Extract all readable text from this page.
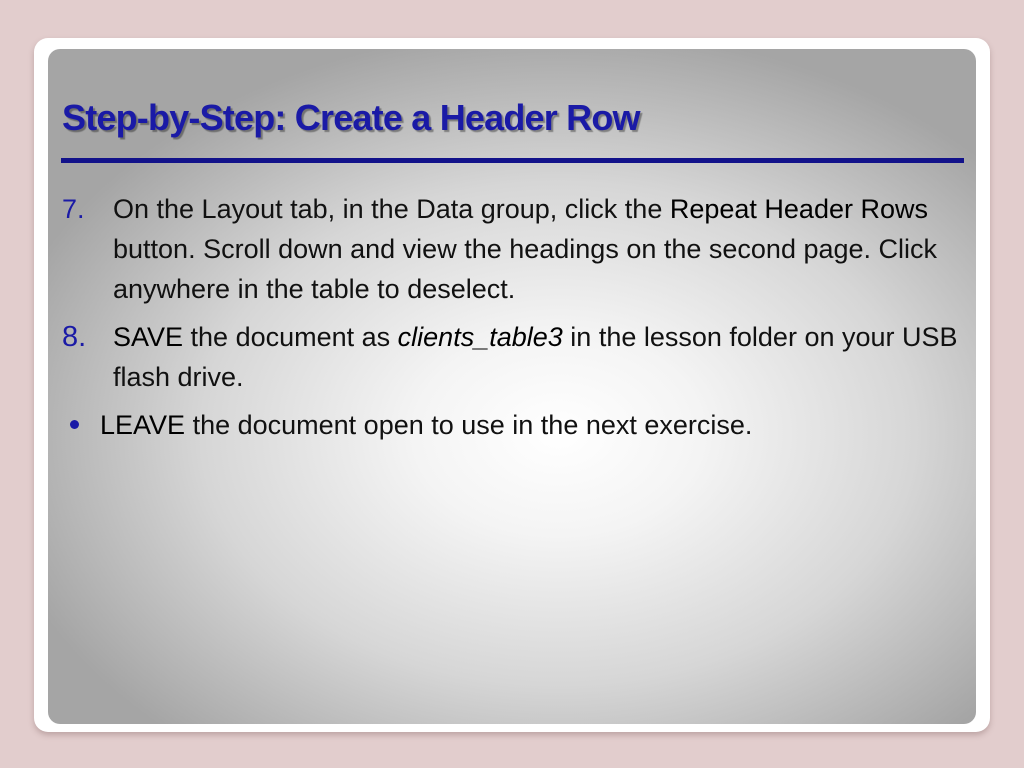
Step-by-Step: Create a Header Row
7. On the Layout tab, in the Data group, click the Repeat Header Rows button. Scroll down and view the headings on the second page. Click anywhere in the table to deselect.
8. SAVE the document as clients_table3 in the lesson folder on your USB flash drive.
LEAVE the document open to use in the next exercise.
